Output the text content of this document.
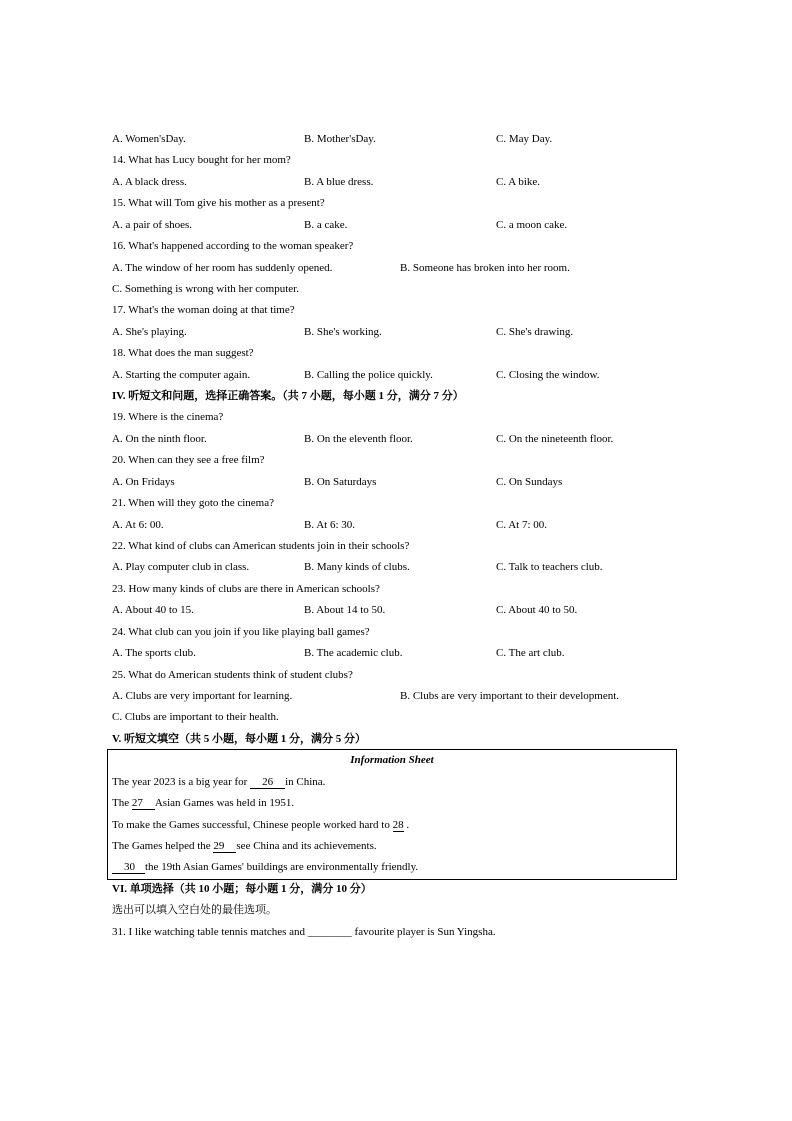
A. Women'sDay.	B. Mother'sDay.	C. May Day.
14. What has Lucy bought for her mom?
A. A black dress.	B. A blue dress.	C. A bike.
15. What will Tom give his mother as a present?
A. a pair of shoes.	B. a cake.	C. a moon cake.
16. What's happened according to the woman speaker?
A. The window of her room has suddenly opened.	B. Someone has broken into her room.
C. Something is wrong with her computer.
17. What's the woman doing at that time?
A. She's playing.	B. She's working.	C. She's drawing.
18. What does the man suggest?
A. Starting the computer again.	B. Calling the police quickly.	C. Closing the window.
IV. 听短文和问题，选择正确答案。（共 7 小题，每小题 1 分，满分 7 分）
19. Where is the cinema?
A. On the ninth floor.	B. On the eleventh floor.	C. On the nineteenth floor.
20. When can they see a free film?
A. On Fridays	B. On Saturdays	C. On Sundays
21. When will they goto the cinema?
A. At 6: 00.	B. At 6: 30.	C. At 7: 00.
22. What kind of clubs can American students join in their schools?
A. Play computer club in class.	B. Many kinds of clubs.	C. Talk to teachers club.
23. How many kinds of clubs are there in American schools?
A. About 40 to 15.	B. About 14 to 50.	C. About 40 to 50.
24. What club can you join if you like playing ball games?
A. The sports club.	B. The academic club.	C. The art club.
25. What do American students think of student clubs?
A. Clubs are very important for learning.	B. Clubs are very important to their development.
C. Clubs are important to their health.
V. 听短文填空（共 5 小题，每小题 1 分，满分 5 分）
Information Sheet
The year 2023 is a big year for 26 in China.
The 27 Asian Games was held in 1951.
To make the Games successful, Chinese people worked hard to 28 .
The Games helped the 29 see China and its achievements.
30 the 19th Asian Games' buildings are environmentally friendly.
VI. 单项选择（共 10 小题；每小题 1 分，满分 10 分）
选出可以填入空白处的最佳选项。
31. I like watching table tennis matches and ________ favourite player is Sun Yingsha.
